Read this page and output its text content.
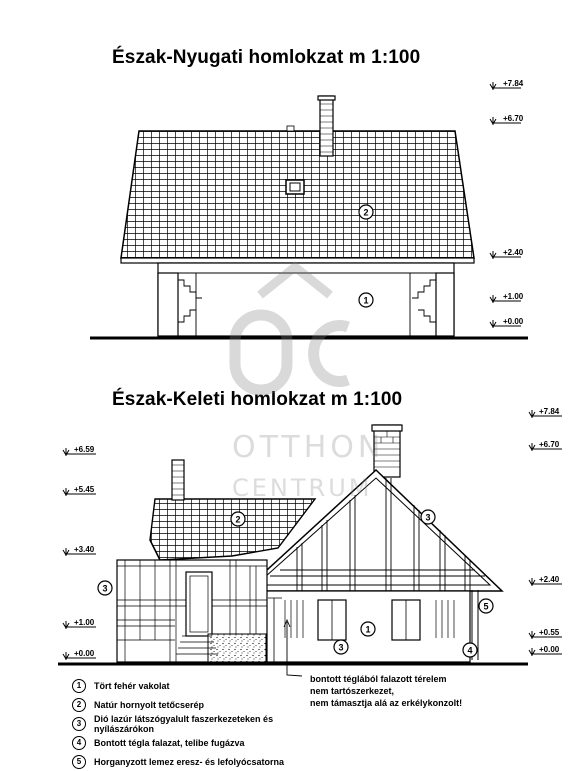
Észak-Nyugati homlokzat m 1:100
Észak-Keleti homlokzat m 1:100
2
1
2	3
3
1
3	4
5
+7.84
+6.70
+2.40
+1.00
+0.00
+7.84
+6.70
+2.40
+0.55
+0.00
+6.59
+5.45
+3.40
+1.00
+0.00
OTTHON
CENTRUM
1	Tört fehér vakolat
2	Natúr hornyolt tetőcserép
3	Dió lazúr látszógyalult faszerkezeteken és nyílászárókon
4	Bontott tégla falazat, telibe fugázva
5	Horganyzott lemez eresz- és lefolyócsatorna
bontott téglából falazott térelem
nem tartószerkezet,
nem támasztja alá az erkélykonzolt!
